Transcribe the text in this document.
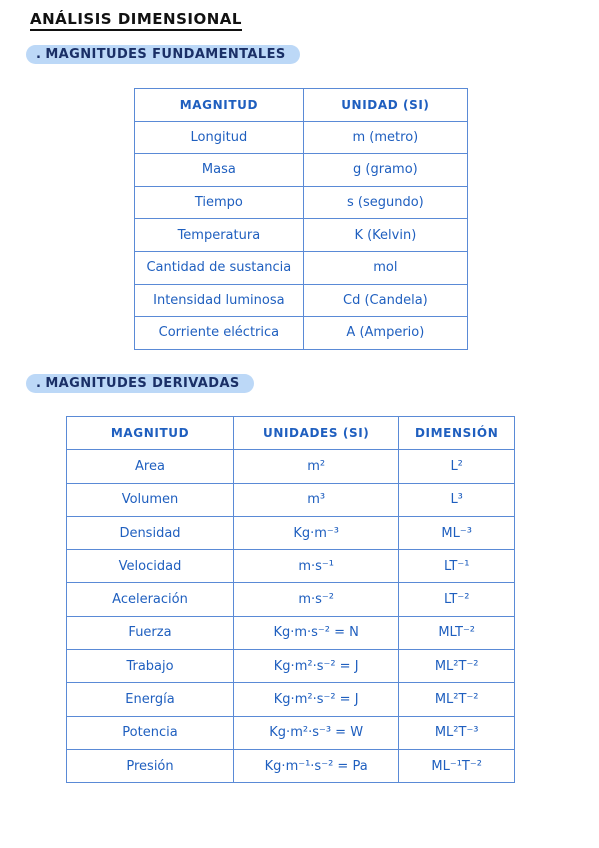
ANÁLISIS DIMENSIONAL
. MAGNITUDES FUNDAMENTALES
MAGNITUD	UNIDAD (SI)
Longitud	m (metro)
Masa	g (gramo)
Tiempo	s (segundo)
Temperatura	K (Kelvin)
Cantidad de sustancia	mol
Intensidad luminosa	Cd (Candela)
Corriente eléctrica	A (Amperio)
. MAGNITUDES DERIVADAS
MAGNITUD	UNIDADES (SI)	DIMENSIÓN
Area	m²	L²
Volumen	m³	L³
Densidad	Kg·m⁻³	ML⁻³
Velocidad	m·s⁻¹	LT⁻¹
Aceleración	m·s⁻²	LT⁻²
Fuerza	Kg·m·s⁻² = N	MLT⁻²
Trabajo	Kg·m²·s⁻² = J	ML²T⁻²
Energía	Kg·m²·s⁻² = J	ML²T⁻²
Potencia	Kg·m²·s⁻³ = W	ML²T⁻³
Presión	Kg·m⁻¹·s⁻² = Pa	ML⁻¹T⁻²
